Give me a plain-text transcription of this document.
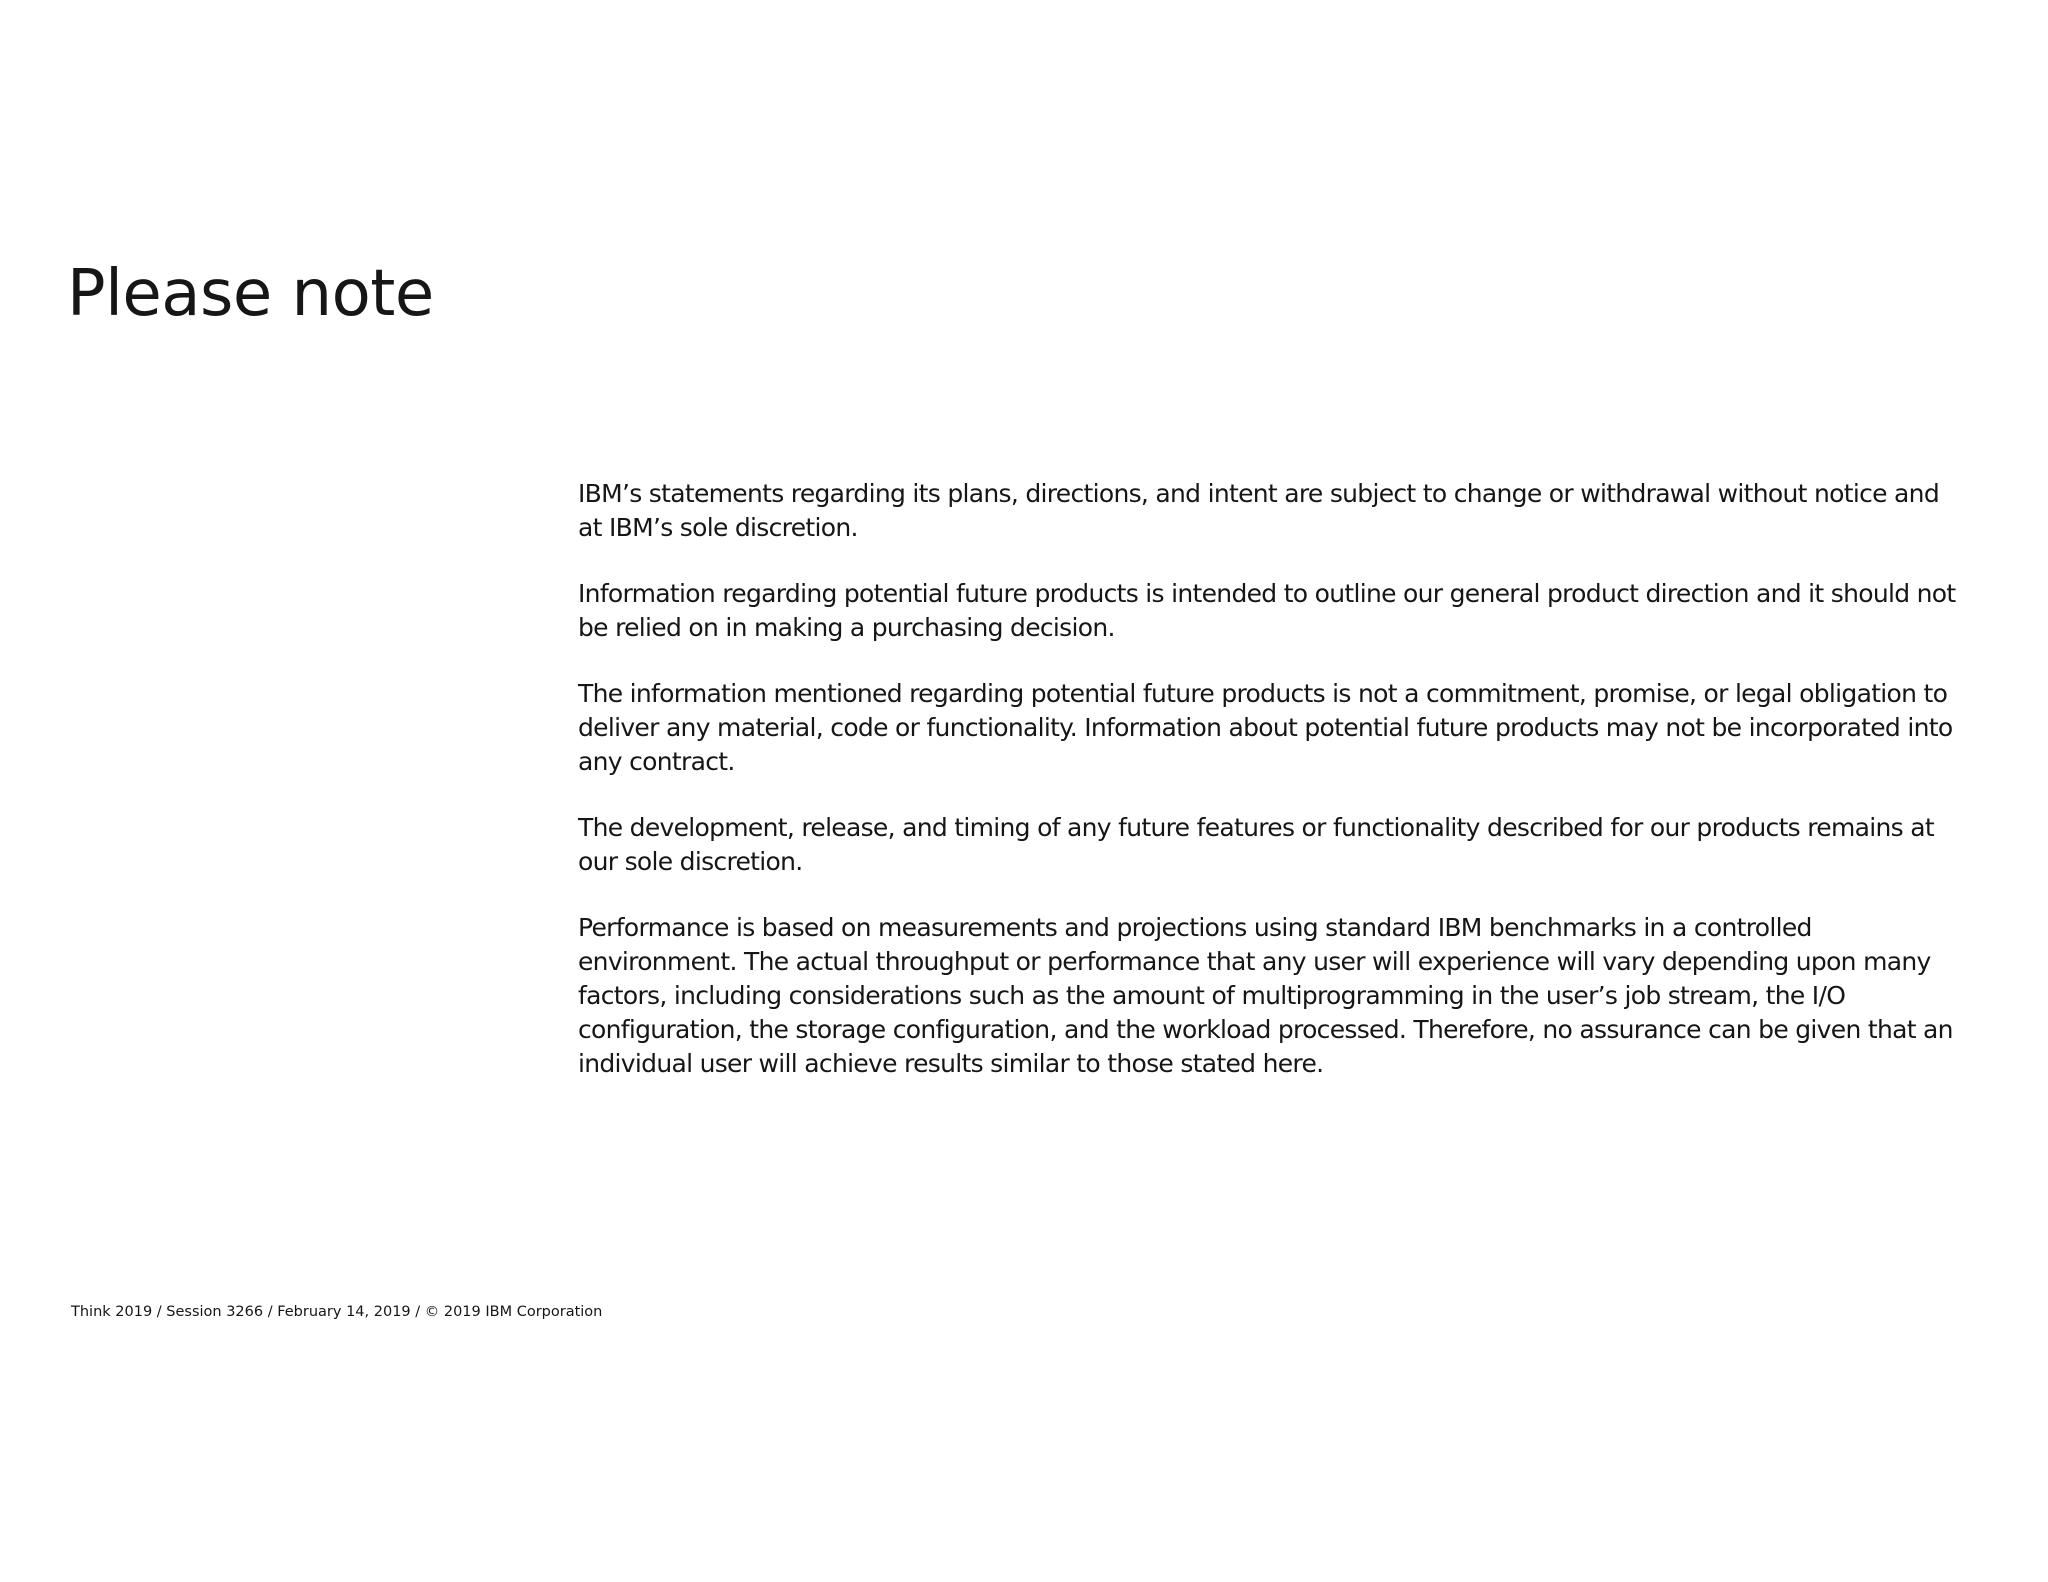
Please note

IBM’s statements regarding its plans, directions, and intent are subject to change or withdrawal without notice and at IBM’s sole discretion.

Information regarding potential future products is intended to outline our general product direction and it should not be relied on in making a purchasing decision.

The information mentioned regarding potential future products is not a commitment, promise, or legal obligation to deliver any material, code or functionality. Information about potential future products may not be incorporated into any contract.

The development, release, and timing of any future features or functionality described for our products remains at our sole discretion.

Performance is based on measurements and projections using standard IBM benchmarks in a controlled environment. The actual throughput or performance that any user will experience will vary depending upon many factors, including considerations such as the amount of multiprogramming in the user’s job stream, the I/O configuration, the storage configuration, and the workload processed. Therefore, no assurance can be given that an individual user will achieve results similar to those stated here.

Think 2019 / Session 3266 / February 14, 2019 / © 2019 IBM Corporation
